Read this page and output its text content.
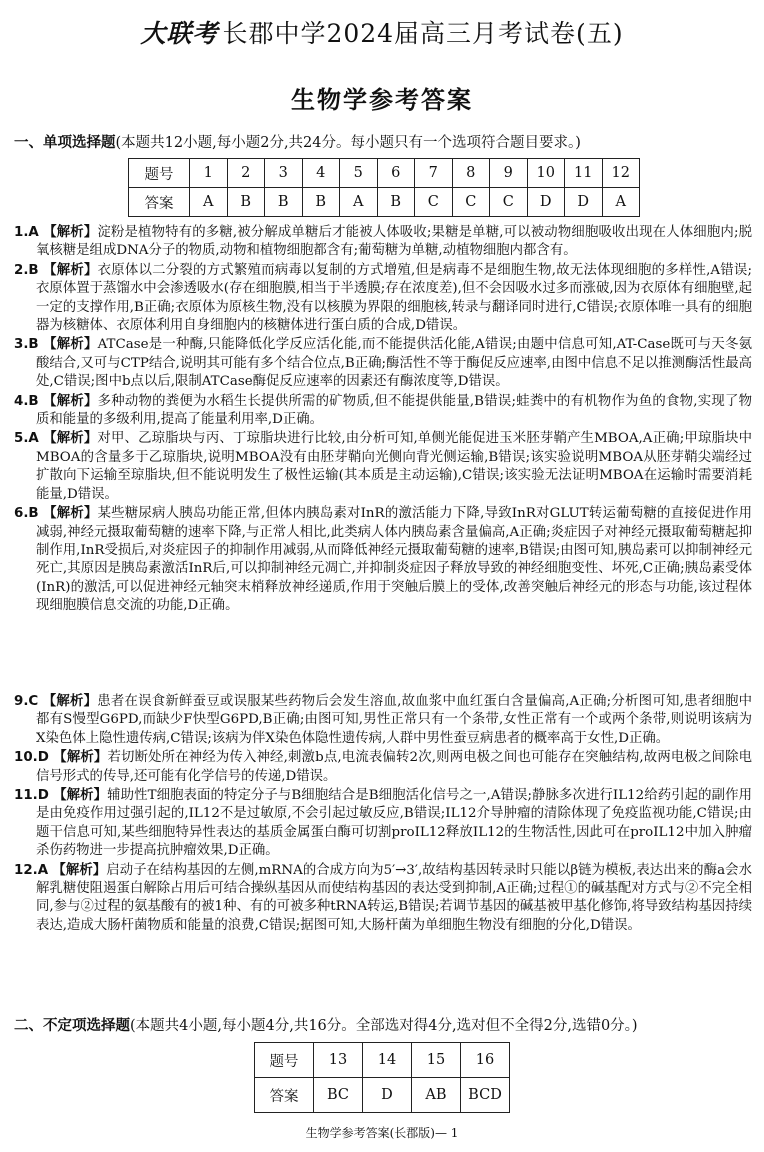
大联考 长郡中学2024届高三月考试卷(五)
生物学参考答案
一、单项选择题(本题共12小题,每小题2分,共24分。每小题只有一个选项符合题目要求。)
题号	1	2	3	4	5	6	7	8	9	10	11	12
答案	A	B	B	B	A	B	C	C	C	D	D	A
1.A 【解析】淀粉是植物特有的多糖,被分解成单糖后才能被人体吸收;果糖是单糖,可以被动物细胞吸收出现在人体细胞内;脱氧核糖是组成DNA分子的物质,动物和植物细胞都含有;葡萄糖为单糖,动植物细胞内都含有。
2.B 【解析】衣原体以二分裂的方式繁殖而病毒以复制的方式增殖,但是病毒不是细胞生物,故无法体现细胞的多样性,A错误;衣原体置于蒸馏水中会渗透吸水(存在细胞膜,相当于半透膜;存在浓度差),但不会因吸水过多而涨破,因为衣原体有细胞壁,起一定的支撑作用,B正确;衣原体为原核生物,没有以核膜为界限的细胞核,转录与翻译同时进行,C错误;衣原体唯一具有的细胞器为核糖体、衣原体利用自身细胞内的核糖体进行蛋白质的合成,D错误。
3.B 【解析】ATCase是一种酶,只能降低化学反应活化能,而不能提供活化能,A错误;由题中信息可知,AT-Case既可与天冬氨酸结合,又可与CTP结合,说明其可能有多个结合位点,B正确;酶活性不等于酶促反应速率,由图中信息不足以推测酶活性最高处,C错误;图中b点以后,限制ATCase酶促反应速率的因素还有酶浓度等,D错误。
4.B 【解析】多种动物的粪便为水稻生长提供所需的矿物质,但不能提供能量,B错误;蛙粪中的有机物作为鱼的食物,实现了物质和能量的多级利用,提高了能量利用率,D正确。
5.A 【解析】对甲、乙琼脂块与丙、丁琼脂块进行比较,由分析可知,单侧光能促进玉米胚芽鞘产生MBOA,A正确;甲琼脂块中MBOA的含量多于乙琼脂块,说明MBOA没有由胚芽鞘向光侧向背光侧运输,B错误;该实验说明MBOA从胚芽鞘尖端经过扩散向下运输至琼脂块,但不能说明发生了极性运输(其本质是主动运输),C错误;该实验无法证明MBOA在运输时需要消耗能量,D错误。
6.B 【解析】某些糖尿病人胰岛功能正常,但体内胰岛素对InR的激活能力下降,导致InR对GLUT转运葡萄糖的直接促进作用减弱,神经元摄取葡萄糖的速率下降,与正常人相比,此类病人体内胰岛素含量偏高,A正确;炎症因子对神经元摄取葡萄糖起抑制作用,InR受损后,对炎症因子的抑制作用减弱,从而降低神经元摄取葡萄糖的速率,B错误;由图可知,胰岛素可以抑制神经元死亡,其原因是胰岛素激活InR后,可以抑制神经元凋亡,并抑制炎症因子释放导致的神经细胞变性、坏死,C正确;胰岛素受体(InR)的激活,可以促进神经元轴突末梢释放神经递质,作用于突触后膜上的受体,改善突触后神经元的形态与功能,该过程体现细胞膜信息交流的功能,D正确。
9.C 【解析】患者在误食新鲜蚕豆或误服某些药物后会发生溶血,故血浆中血红蛋白含量偏高,A正确;分析图可知,患者细胞中都有S慢型G6PD,而缺少F快型G6PD,B正确;由图可知,男性正常只有一个条带,女性正常有一个或两个条带,则说明该病为X染色体上隐性遗传病,C错误;该病为伴X染色体隐性遗传病,人群中男性蚕豆病患者的概率高于女性,D正确。
10.D 【解析】若切断处所在神经为传入神经,刺激b点,电流表偏转2次,则两电极之间也可能存在突触结构,故两电极之间除电信号形式的传导,还可能有化学信号的传递,D错误。
11.D 【解析】辅助性T细胞表面的特定分子与B细胞结合是B细胞活化信号之一,A错误;静脉多次进行IL12给药引起的副作用是由免疫作用过强引起的,IL12不是过敏原,不会引起过敏反应,B错误;IL12介导肿瘤的清除体现了免疫监视功能,C错误;由题干信息可知,某些细胞特异性表达的基质金属蛋白酶可切割proIL12释放IL12的生物活性,因此可在proIL12中加入肿瘤杀伤药物进一步提高抗肿瘤效果,D正确。
12.A 【解析】启动子在结构基因的左侧,mRNA的合成方向为5′→3′,故结构基因转录时只能以β链为模板,表达出来的酶a会水解乳糖使阻遏蛋白解除占用后可结合操纵基因从而使结构基因的表达受到抑制,A正确;过程①的碱基配对方式与②不完全相同,参与②过程的氨基酸有的被1种、有的可被多种tRNA转运,B错误;若调节基因的碱基被甲基化修饰,将导致结构基因持续表达,造成大肠杆菌物质和能量的浪费,C错误;据图可知,大肠杆菌为单细胞生物没有细胞的分化,D错误。
二、不定项选择题(本题共4小题,每小题4分,共16分。全部选对得4分,选对但不全得2分,选错0分。)
题号	13	14	15	16
答案	BC	D	AB	BCD
生物学参考答案(长郡版)— 1
